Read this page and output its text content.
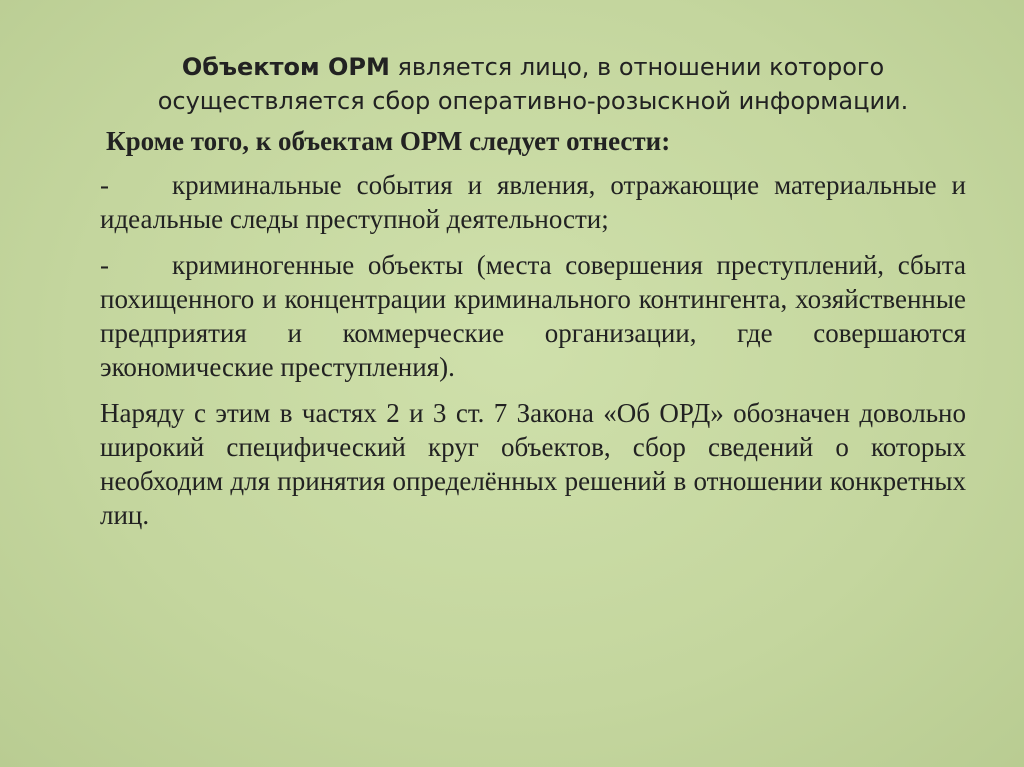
Объектом ОРМ является лицо, в отношении которого осуществляется сбор оперативно-розыскной информации.

Кроме того, к объектам ОРМ следует отнести:

- криминальные события и явления, отражающие материальные и идеальные следы преступной деятельности;

- криминогенные объекты (места совершения преступлений, сбыта похищенного и концентрации криминального контингента, хозяйственные предприятия и коммерческие организации, где совершаются экономические преступления).

Наряду с этим в частях 2 и 3 ст. 7 Закона «Об ОРД» обозначен довольно широкий специфический круг объектов, сбор сведений о которых необходим для принятия определённых решений в отношении конкретных лиц.
